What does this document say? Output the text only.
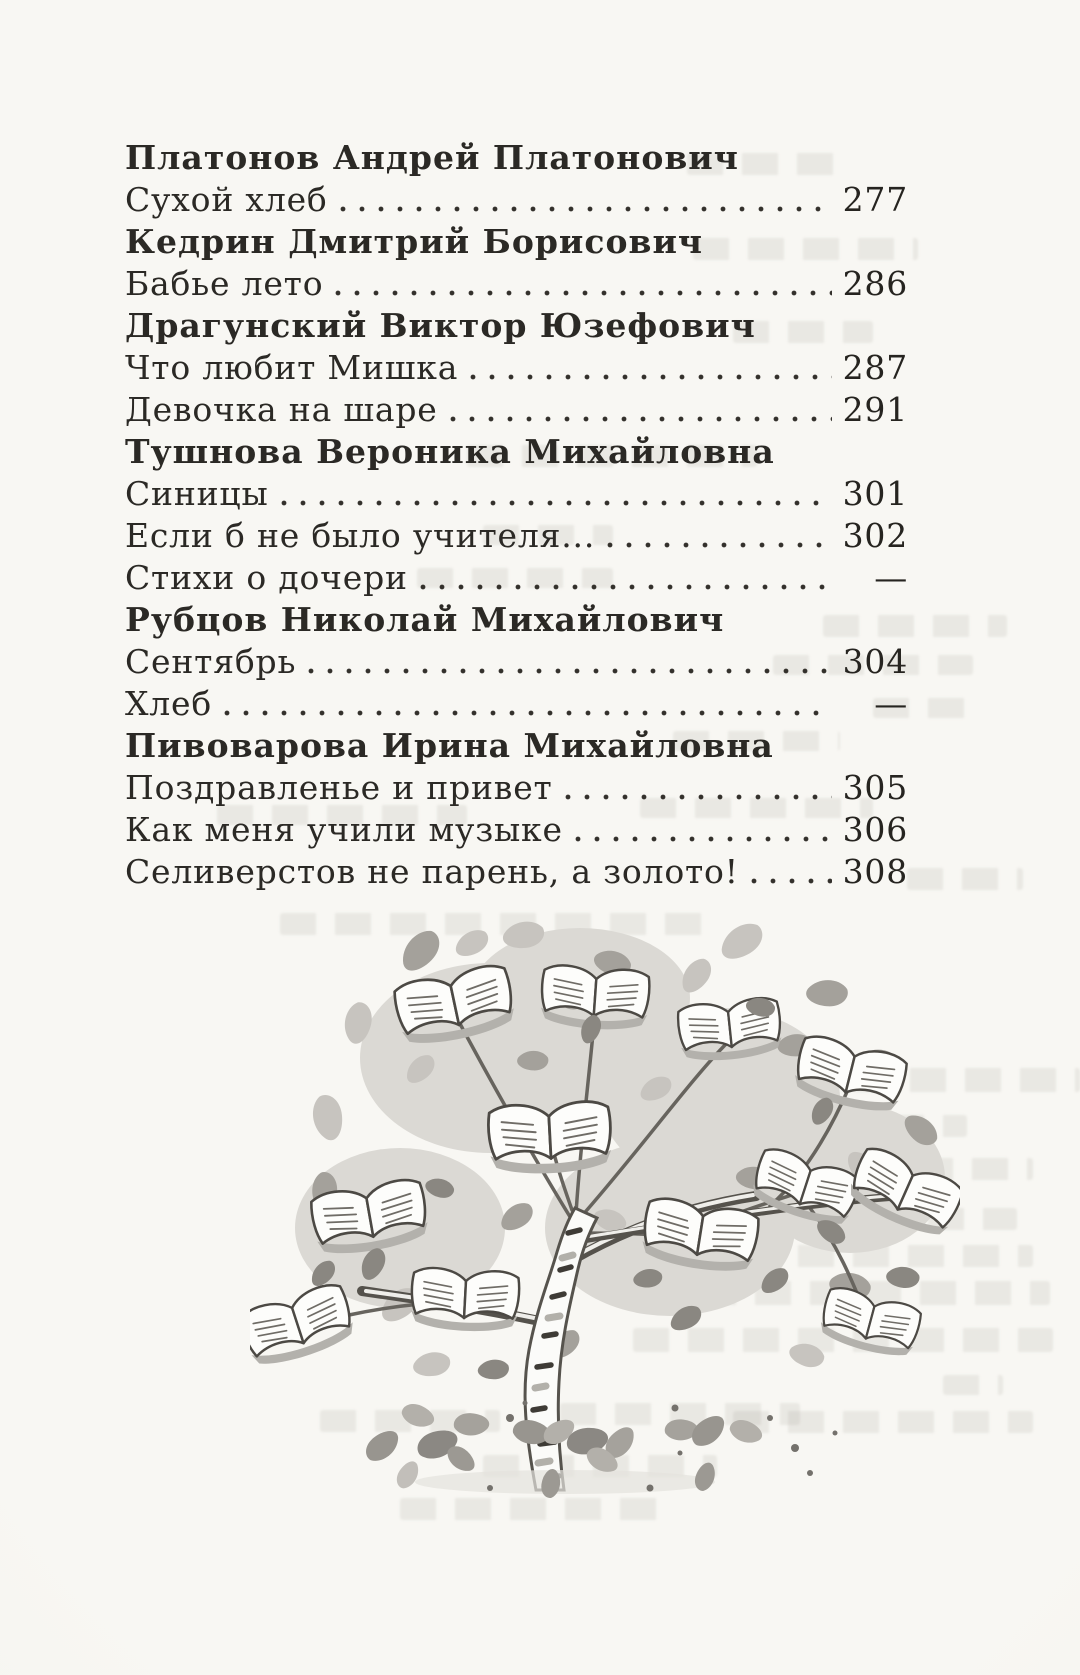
Платонов Андрей Платонович
Сухой хлеб	277
Кедрин Дмитрий Борисович
Бабье лето	286
Драгунский Виктор Юзефович
Что любит Мишка	287
Девочка на шаре	291
Тушнова Вероника Михайловна
Синицы	301
Если б не было учителя...	302
Стихи о дочери	—
Рубцов Николай Михайлович
Сентябрь	304
Хлеб	—
Пивоварова Ирина Михайловна
Поздравленье и привет	305
Как меня учили музыке	306
Селиверстов не парень, а золото!	308
